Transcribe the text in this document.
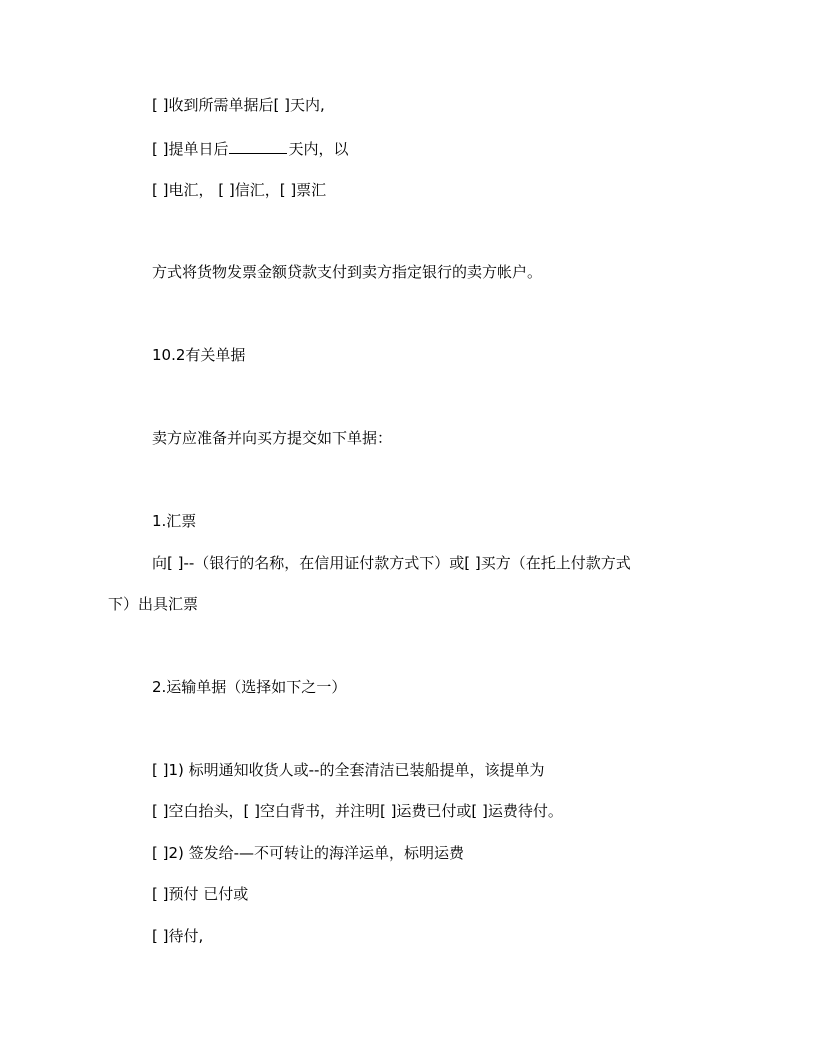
[ ]收到所需单据后[ ]天内,
[ ]提单日后	天内，以
[ ]电汇， [ ]信汇，[ ]票汇
方式将货物发票金额贷款支付到卖方指定银行的卖方帐户。
10.2有关单据
卖方应准备并向买方提交如下单据：
1.汇票
向[ ]--（银行的名称，在信用证付款方式下）或[ ]买方（在托上付款方式
下）出具汇票
2.运输单据（选择如下之一）
[ ]1) 标明通知收货人或--的全套清洁已装船提单，该提单为
[ ]空白抬头，[ ]空白背书，并注明[ ]运费已付或[ ]运费待付。
[ ]2) 签发给-—不可转让的海洋运单，标明运费
[ ]预付 已付或
[ ]待付,
